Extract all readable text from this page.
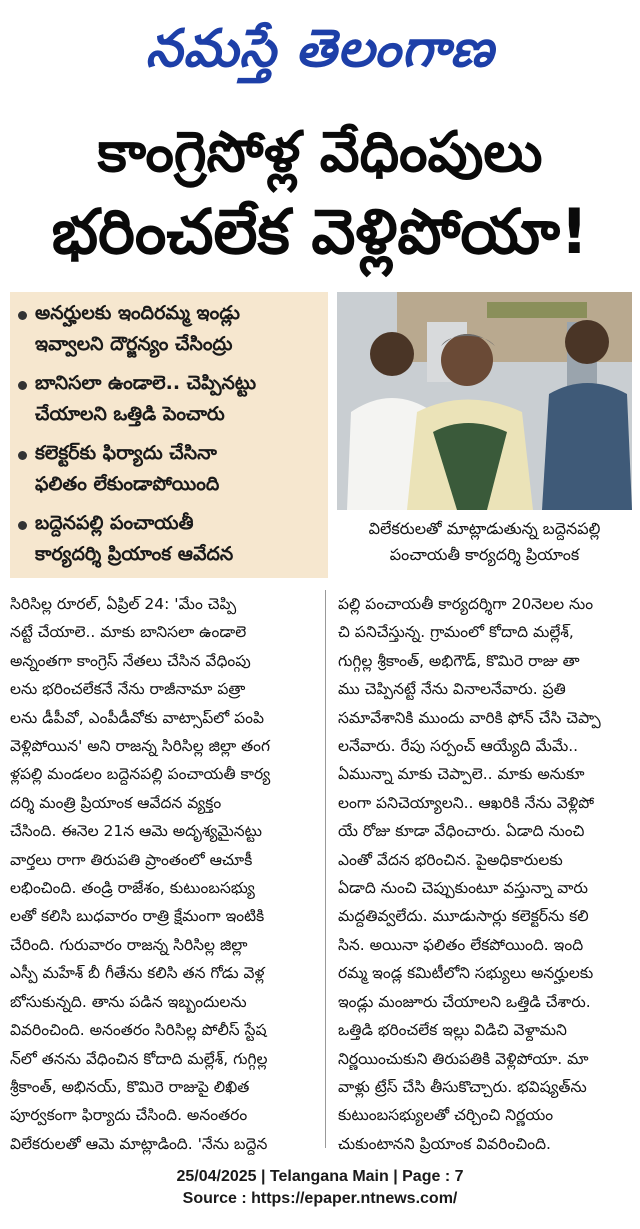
నమస్తే తెలంగాణ
కాంగ్రెసోళ్ల వేధింపులు
భరించలేక వెళ్లిపోయా!
అనర్హులకు ఇందిరమ్మ ఇండ్లు
ఇవ్వాలని దౌర్జన్యం చేసింద్రు
బానిసలా ఉండాలె.. చెప్పినట్టు
చేయాలని ఒత్తిడి పెంచారు
కలెక్టర్‌కు ఫిర్యాదు చేసినా
ఫలితం లేకుండాపోయింది
బద్దెనపల్లి పంచాయతీ
కార్యదర్శి ప్రియాంక ఆవేదన
విలేకరులతో మాట్లాడుతున్న బద్దెనపల్లి
పంచాయతీ కార్యదర్శి ప్రియాంక
సిరిసిల్ల రూరల్, ఏప్రిల్ 24: 'మేం చెప్పి
నట్టే చేయాలె.. మాకు బానిసలా ఉండాలె
అన్నంతగా కాంగ్రెస్ నేతలు చేసిన వేధింపు
లను భరించలేకనే నేను రాజీనామా పత్రా
లను డీపీవో, ఎంపీడీవోకు వాట్సాప్‌లో పంపి
వెళ్లిపోయిన' అని రాజన్న సిరిసిల్ల జిల్లా తంగ
ళ్లపల్లి మండలం బద్దెనపల్లి పంచాయతీ కార్య
దర్శి మంత్రి ప్రియాంక ఆవేదన వ్యక్తం
చేసింది. ఈనెల 21న ఆమె అదృశ్యమైనట్టు
వార్తలు రాగా తిరుపతి ప్రాంతంలో ఆచూకీ
లభించింది. తండ్రి రాజేశం, కుటుంబసభ్యు
లతో కలిసి బుధవారం రాత్రి క్షేమంగా ఇంటికి
చేరింది. గురువారం రాజన్న సిరిసిల్ల జిల్లా
ఎస్పీ మహేశ్ బీ గీతేను కలిసి తన గోడు వెళ్ల
బోసుకున్నది. తాను పడిన ఇబ్బందులను
వివరించింది. అనంతరం సిరిసిల్ల పోలీస్ స్టేష
న్‌లో తనను వేధించిన కోదాది మల్లేశ్, గుగ్గిల్ల
శ్రీకాంత్, అభినయ్, కొమిరె రాజుపై లిఖిత
పూర్వకంగా ఫిర్యాదు చేసింది. అనంతరం
విలేకరులతో ఆమె మాట్లాడింది. 'నేను బద్దెన
పల్లి పంచాయతీ కార్యదర్శిగా 20నెలల నుం
చి పనిచేస్తున్న. గ్రామంలో కోదాది మల్లేశ్,
గుగ్గిల్ల శ్రీకాంత్, అభిగౌడ్, కొమిరె రాజు తా
ము చెప్పినట్టే నేను వినాలనేవారు. ప్రతి
సమావేశానికి ముందు వారికి ఫోన్ చేసి చెప్పా
లనేవారు. రేపు సర్పంచ్ ఆయ్యేది మేమే..
ఏమున్నా మాకు చెప్పాలె.. మాకు అనుకూ
లంగా పనిచెయ్యాలని.. ఆఖరికి నేను వెళ్లిపో
యే రోజు కూడా వేధించారు. ఏడాది నుంచి
ఎంతో వేదన భరించిన. పైఅధికారులకు
ఏడాది నుంచి చెప్పుకుంటూ వస్తున్నా వారు
మద్దతివ్వలేదు. మూడుసార్లు కలెక్టర్‌ను కలి
సిన. అయినా ఫలితం లేకపోయింది. ఇంది
రమ్మ ఇండ్ల కమిటీలోని సభ్యులు అనర్హులకు
ఇండ్లు మంజూరు చేయాలని ఒత్తిడి చేశారు.
ఒత్తిడి భరించలేక ఇల్లు విడిచి వెళ్దామని
నిర్ణయించుకుని తిరుపతికి వెళ్లిపోయా. మా
వాళ్లు ట్రేస్ చేసి తీసుకొచ్చారు. భవిష్యత్‌ను
కుటుంబసభ్యులతో చర్చించి నిర్ణయం
చుకుంటానని ప్రియాంక వివరించింది.
25/04/2025 | Telangana Main | Page : 7
Source : https://epaper.ntnews.com/
